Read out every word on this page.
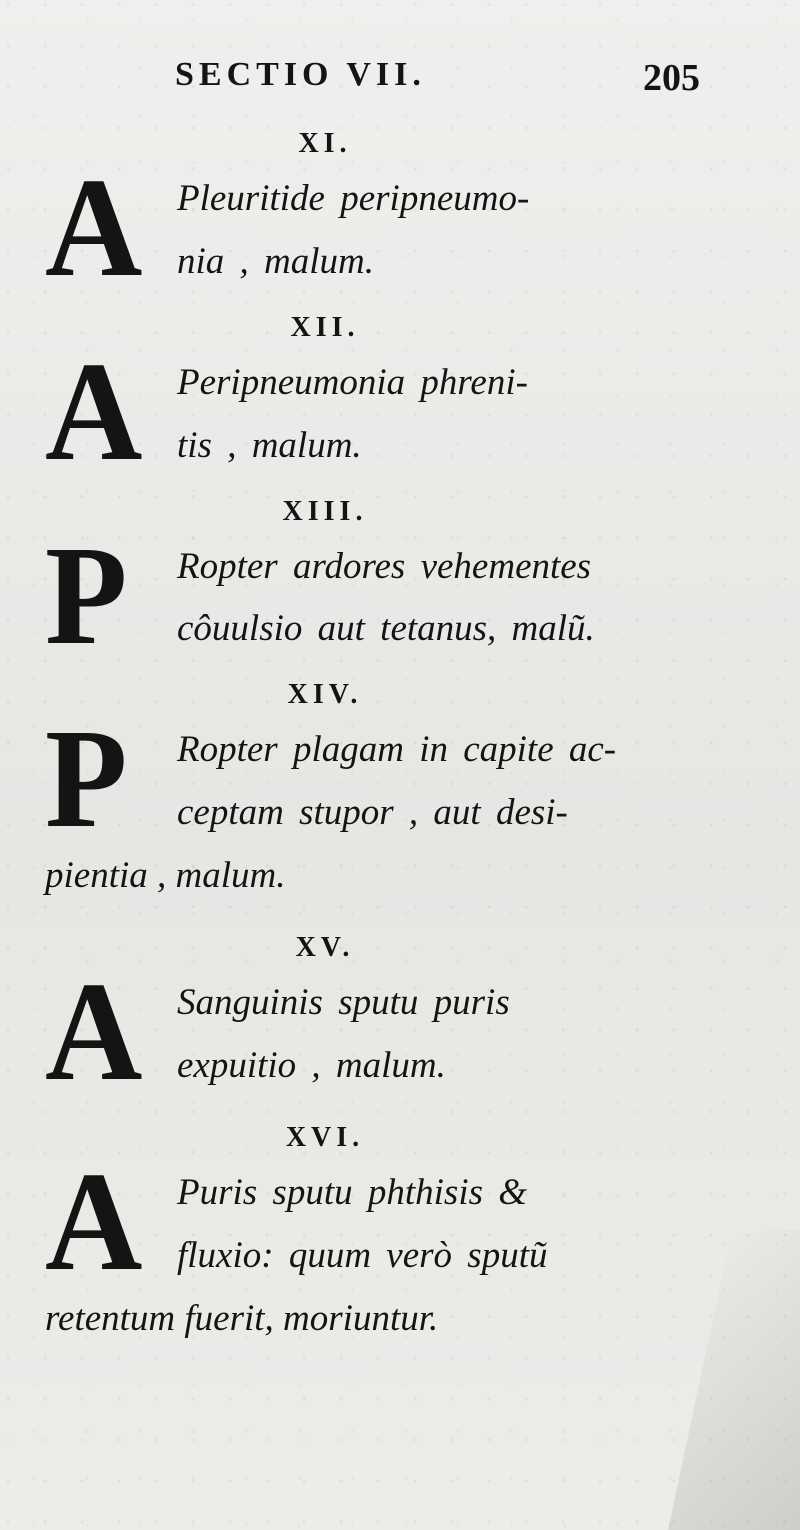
SECTIO VII.	205
XI.
A Pleuritide peripneumo-
nia , malum.
XII.
A Peripneumonia phreni-
tis , malum.
XIII.
P Ropter ardores vehementes
côuulsio aut tetanus, malũ.
XIV.
P Ropter plagam in capite ac-
ceptam stupor , aut desi-
pientia , malum.
XV.
A Sanguinis sputu puris
expuitio , malum.
XVI.
A Puris sputu phthisis &
fluxio: quum verò sputũ
retentum fuerit, moriuntur.
